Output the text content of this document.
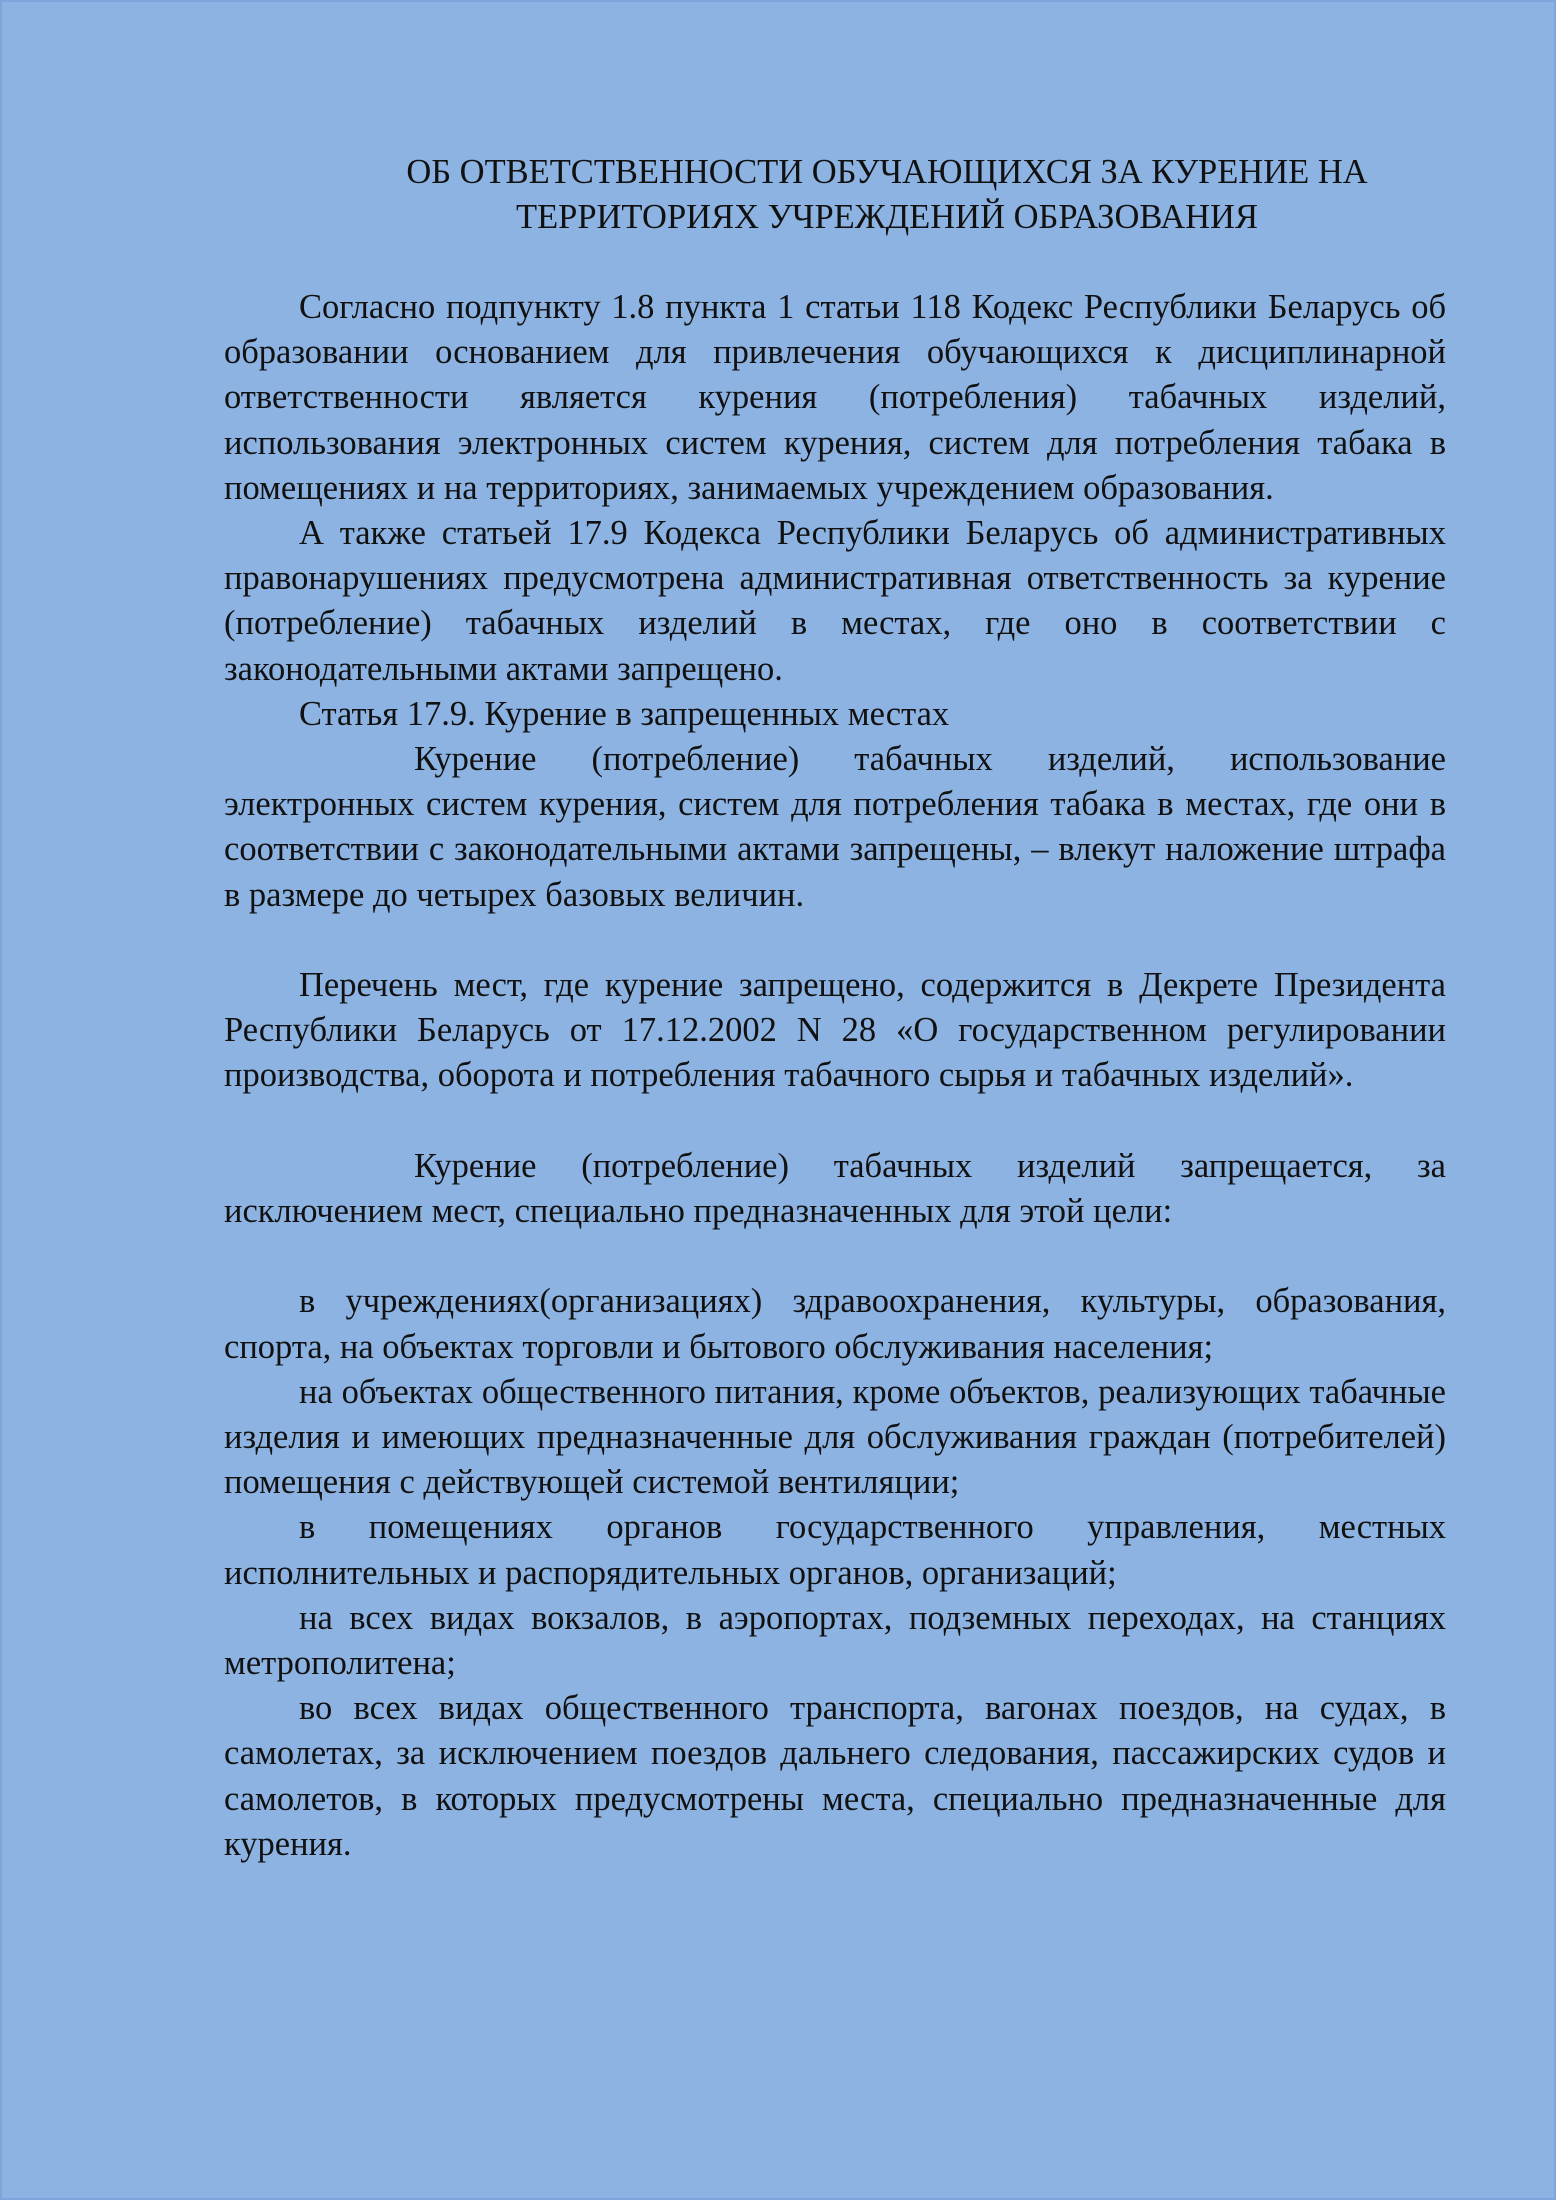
ОБ ОТВЕТСТВЕННОСТИ ОБУЧАЮЩИХСЯ ЗА КУРЕНИЕ НА
ТЕРРИТОРИЯХ УЧРЕЖДЕНИЙ ОБРАЗОВАНИЯ

Согласно подпункту 1.8 пункта 1 статьи 118 Кодекс Республики Беларусь об образовании основанием для привлечения обучающихся к дисциплинарной ответственности является курения (потребления) табачных изделий, использования электронных систем курения, систем для потребления табака в помещениях и на территориях, занимаемых учреждением образования.

А также статьей 17.9 Кодекса Республики Беларусь об административных правонарушениях предусмотрена административная ответственность за курение (потребление) табачных изделий в местах, где оно в соответствии с законодательными актами запрещено.

Статья 17.9. Курение в запрещенных местах

Курение (потребление) табачных изделий, использование электронных систем курения, систем для потребления табака в местах, где они в соответствии с законодательными актами запрещены, – влекут наложение штрафа в размере до четырех базовых величин.

Перечень мест, где курение запрещено, содержится в Декрете Президента Республики Беларусь от 17.12.2002 N 28 «О государственном регулировании производства, оборота и потребления табачного сырья и табачных изделий».

Курение (потребление) табачных изделий запрещается, за исключением мест, специально предназначенных для этой цели:

в учреждениях(организациях) здравоохранения, культуры, образования, спорта, на объектах торговли и бытового обслуживания населения;

на объектах общественного питания, кроме объектов, реализующих табачные изделия и имеющих предназначенные для обслуживания граждан (потребителей) помещения с действующей системой вентиляции;

в помещениях органов государственного управления, местных исполнительных и распорядительных органов, организаций;

на всех видах вокзалов, в аэропортах, подземных переходах, на станциях метрополитена;

во всех видах общественного транспорта, вагонах поездов, на судах, в самолетах, за исключением поездов дальнего следования, пассажирских судов и самолетов, в которых предусмотрены места, специально предназначенные для курения.
